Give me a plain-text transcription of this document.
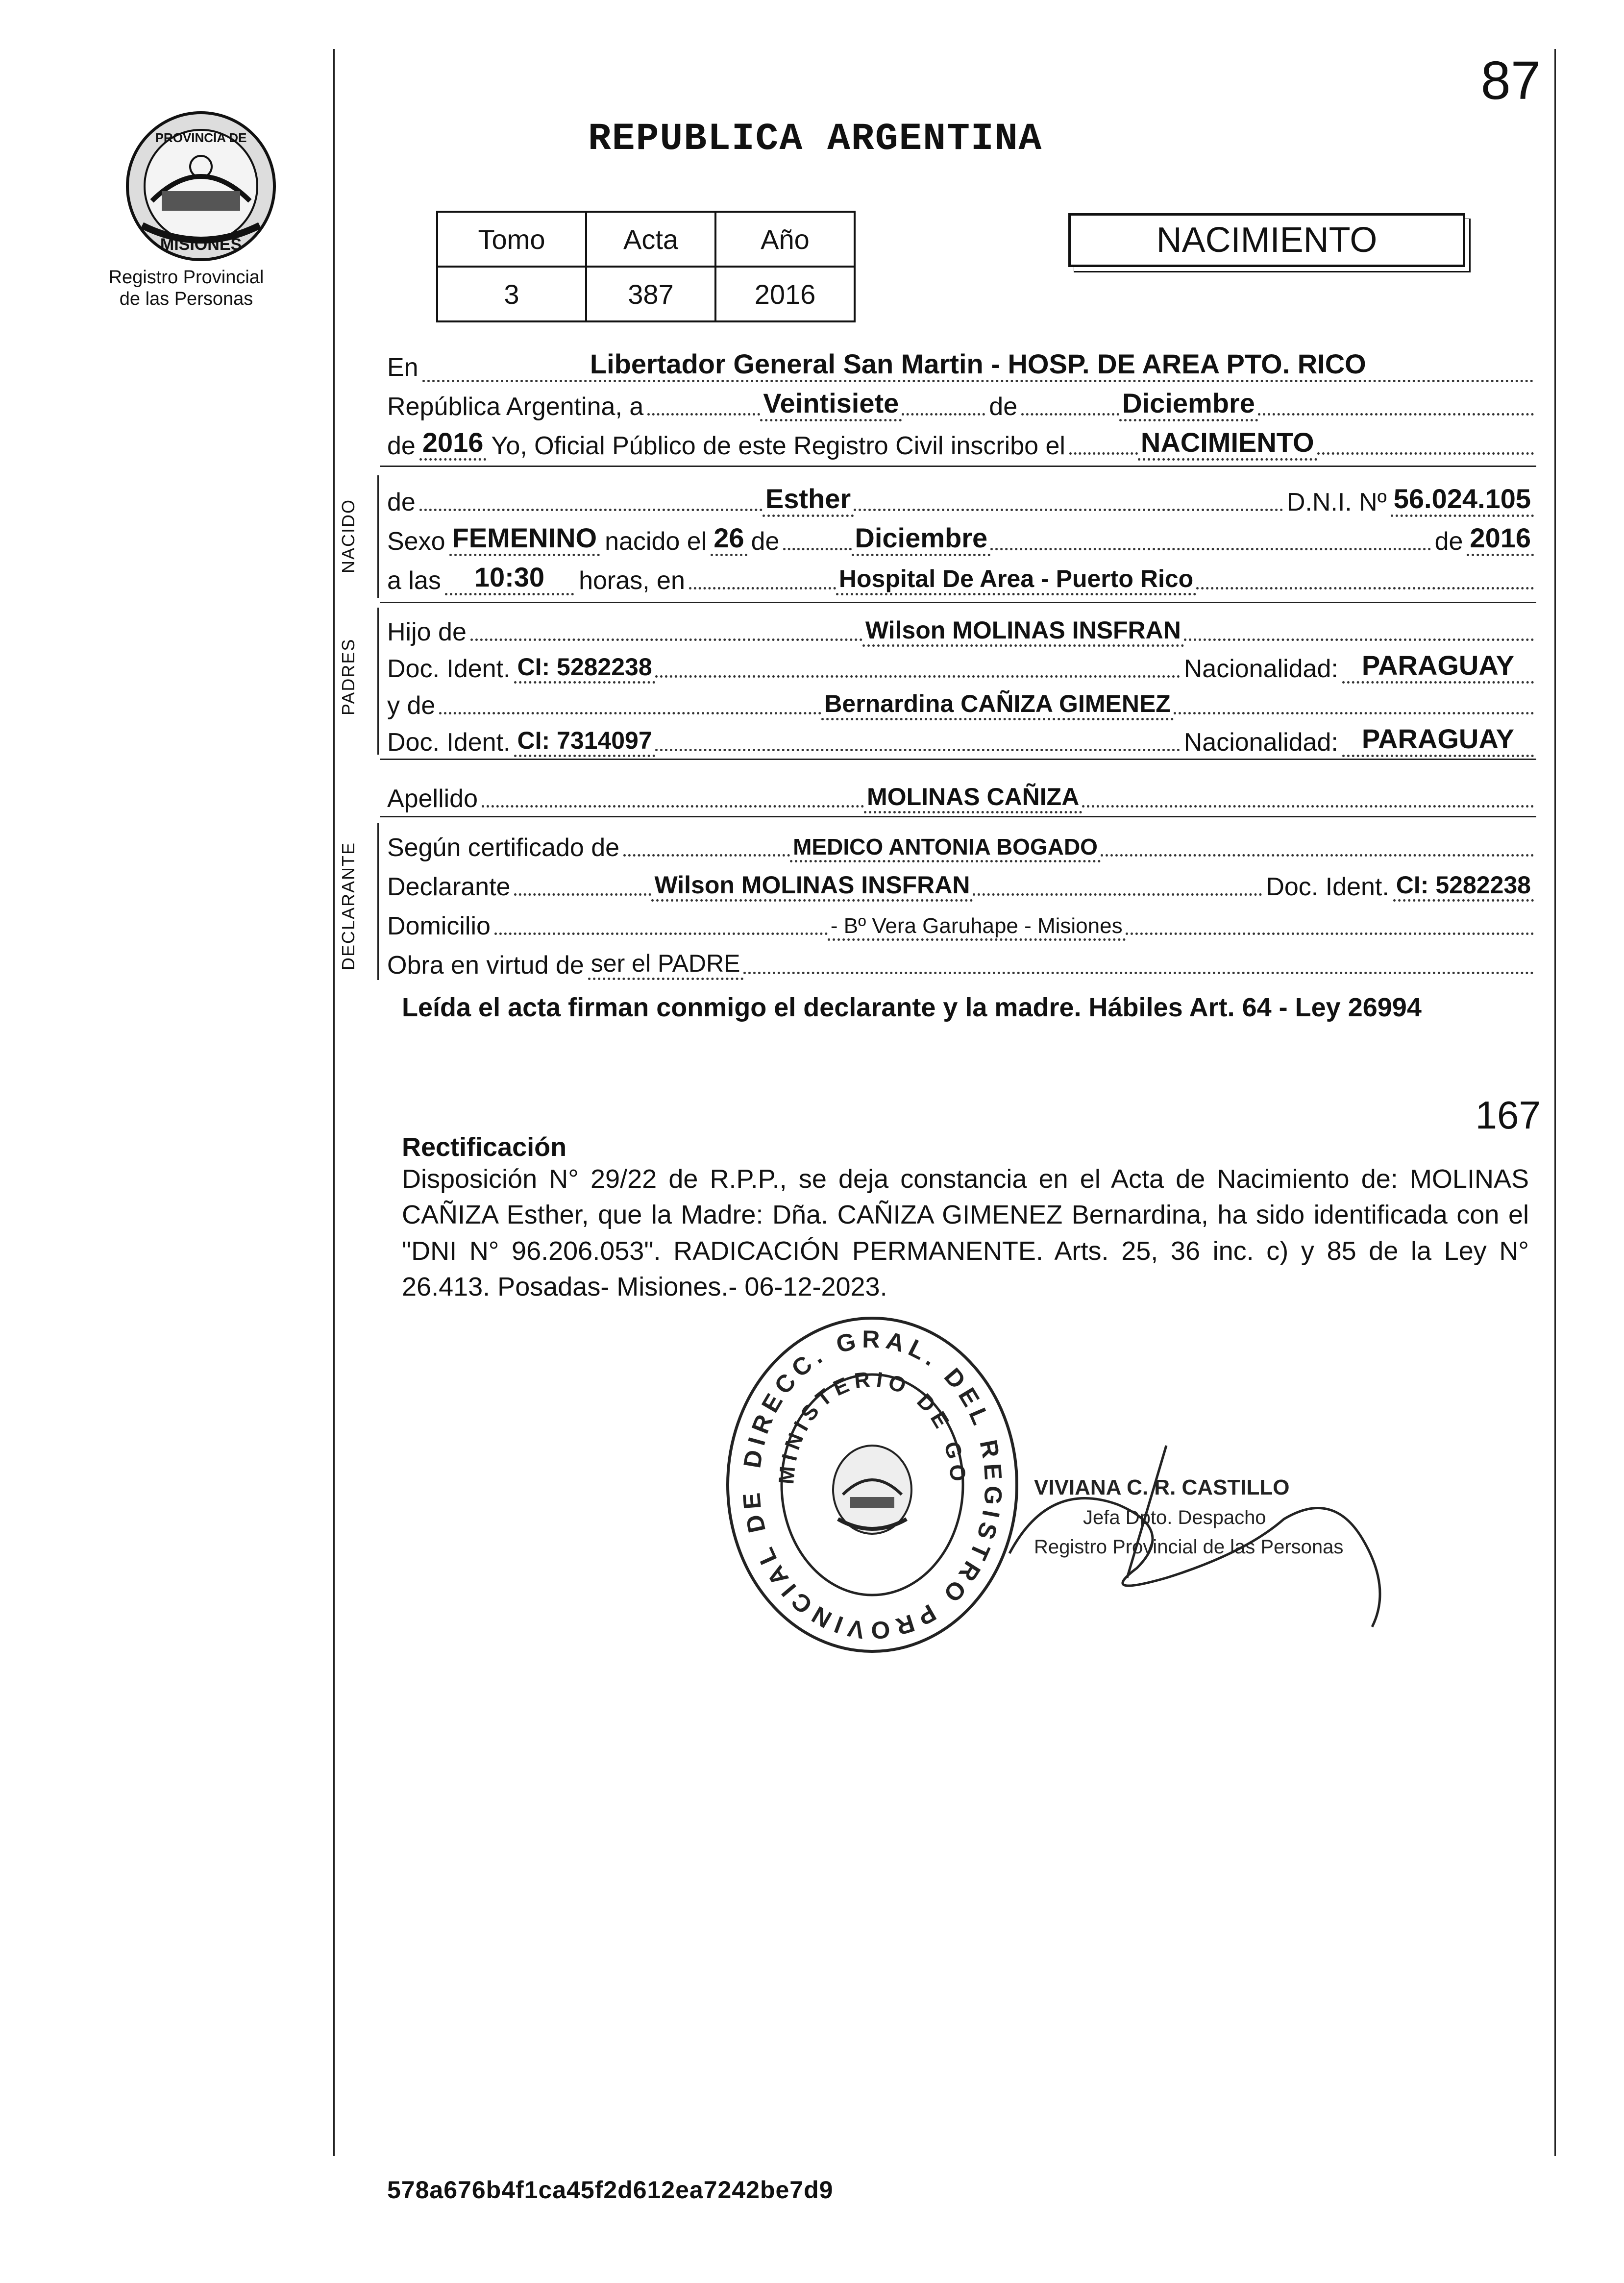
87
PROVINCIA DE
MISIONES
Registro Provincial
de las Personas
REPUBLICA ARGENTINA
Tomo	Acta	Año
3	387	2016
NACIMIENTO
En	Libertador General San Martin - HOSP. DE AREA PTO. RICO
República Argentina, a	Veintisiete	de	Diciembre
de 2016 Yo, Oficial Público de este Registro Civil inscribo el	NACIMIENTO
NACIDO de	Esther	D.N.I. Nº 56.024.105
Sexo FEMENINO nacido el 26 de	Diciembre	de 2016
a las	10:30	horas, en	Hospital De Area - Puerto Rico
PADRES
Hijo de	Wilson MOLINAS INSFRAN
Doc. Ident. CI: 5282238	Nacionalidad: PARAGUAY
y de	Bernardina CAÑIZA GIMENEZ
Doc. Ident. CI: 7314097	Nacionalidad: PARAGUAY
Apellido	MOLINAS CAÑIZA
DECLARANTE Según certificado de	MEDICO ANTONIA BOGADO
Declarante	Wilson MOLINAS INSFRAN	Doc. Ident. CI: 5282238
Domicilio	- Bº Vera Garuhape - Misiones
Obra en virtud de ser el PADRE
Leída el acta firman conmigo el declarante y la madre. Hábiles Art. 64 - Ley 26994
167
Rectificación
Disposición N° 29/22 de R.P.P., se deja constancia en el Acta de Nacimiento de: MOLINAS CAÑIZA Esther, que la Madre: Dña. CAÑIZA GIMENEZ Bernardina, ha sido identificada con el "DNI N° 96.206.053". RADICACIÓN PERMANENTE. Arts. 25, 36 inc. c) y 85 de la Ley N° 26.413. Posadas- Misiones.- 06-12-2023.
DIRECC. GRAL. DEL REGISTRO PROVINCIAL DE
MINISTERIO DE GO
VIVIANA C. R. CASTILLO
Jefa Dpto. Despacho
Registro Provincial de las Personas
578a676b4f1ca45f2d612ea7242be7d9
